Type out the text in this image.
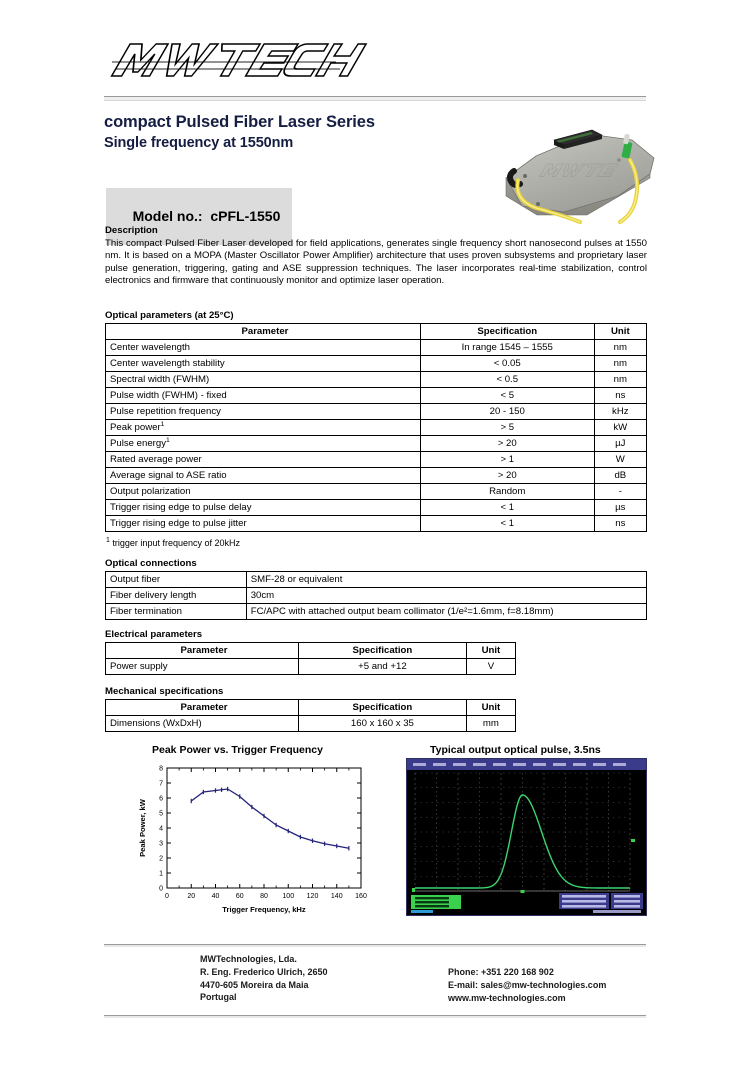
compact Pulsed Fiber Laser Series
Single frequency at 1550nm

Model no.: cPFL-1550

Description
This compact Pulsed Fiber Laser developed for field applications, generates single frequency short nanosecond pulses at 1550 nm. It is based on a MOPA (Master Oscillator Power Amplifier) architecture that uses proven subsystems and proprietary laser pulse generation, triggering, gating and ASE suppression techniques. The laser incorporates real-time stabilization, control electronics and firmware that continuously monitor and optimize laser operation.
Optical parameters (at 25°C)
Parameter	Specification	Unit
Center wavelength	In range 1545 – 1555	nm
Center wavelength stability	< 0.05	nm
Spectral width (FWHM)	< 0.5	nm
Pulse width (FWHM) - fixed	< 5	ns
Pulse repetition frequency	20 - 150	kHz
Peak power$^1$	> 5	kW
Pulse energy$^1$	> 20	µJ
Rated average power	> 1	W
Average signal to ASE ratio	> 20	dB
Output polarization	Random	-
Trigger rising edge to pulse delay	< 1	µs
Trigger rising edge to pulse jitter	< 1	ns
$^1$ trigger input frequency of 20kHz
Optical connections
Output fiber	SMF-28 or equivalent
Fiber delivery length	30cm
Fiber termination	FC/APC with attached output beam collimator (1/e²=1.6mm, f=8.18mm)
Electrical parameters
Parameter	Specification	Unit
Power supply	+5 and +12	V
Mechanical specifications
Parameter	Specification	Unit
Dimensions (WxDxH)	160 x 160 x 35	mm
Peak Power vs. Trigger Frequency	Typical output optical pulse, 3.5ns
0	20 40 60 80 100 120 140 160
0
1
2
3
4
5
6
7
8
Trigger Frequency, kHz
Peak Power, kW
MWTechnologies, Lda.
R. Eng. Frederico Ulrich, 2650
4470-605 Moreira da Maia
Portugal
Phone: +351 220 168 902
E-mail: sales@mw-technologies.com
www.mw-technologies.com
